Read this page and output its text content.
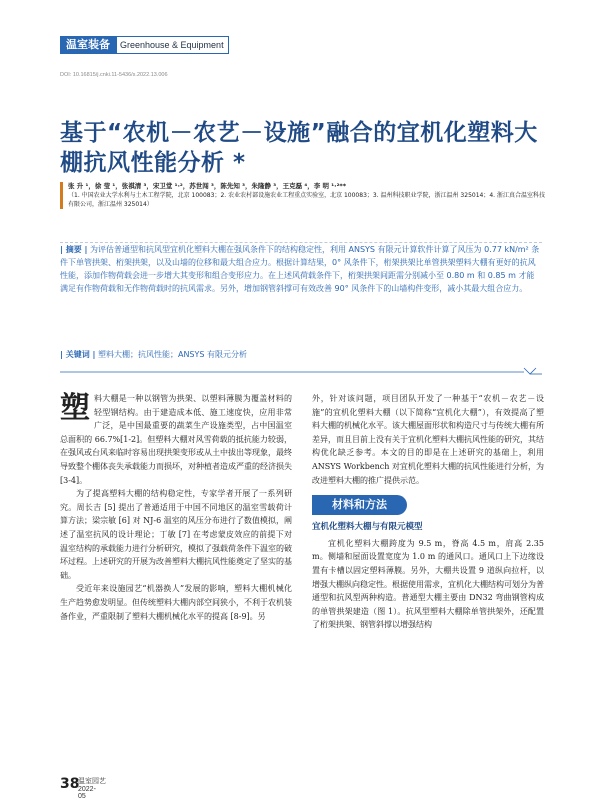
温室装备	Greenhouse & Equipment
DOI: 10.16815/j.cnki.11-5436/s.2022.13.006
基于“农机－农艺－设施”融合的宜机化塑料大棚抗风性能分析 *
张 升 ¹，徐 莹 ¹，张祺清 ³，宋卫堂 ¹·²，苏世闯 ³，陈先知 ³，朱隆静 ³，王克磊 ⁴，李 明 ¹·²**
（1. 中国农业大学水利与土木工程学院，北京 100083；2. 农业农村部设施农业工程重点实验室，北京 100083；3. 温州科技职业学院，浙江温州 325014；4. 浙江真合温室科技有限公司，浙江温州 325014）
| 摘要 | 为评估普通型和抗风型宜机化塑料大棚在强风条件下的结构稳定性，利用 ANSYS 有限元计算软件计算了风压为 0.77 kN/m² 条件下单管拱架、桁架拱架，以及山墙的位移和最大组合应力。根据计算结果，0° 风条件下，桁架拱架比单管拱架塑料大棚有更好的抗风性能，添加作物荷载会进一步增大其变形和组合变形应力。在上述风荷载条件下，桁架拱架间距需分别减小至 0.80 m 和 0.85 m 才能满足有作物荷载和无作物荷载时的抗风需求。另外，增加钢管斜撑可有效改善 90° 风条件下的山墙构件变形，减小其最大组合应力。
| 关键词 | 塑料大棚；抗风性能；ANSYS 有限元分析

塑料大棚是一种以钢管为拱架、以塑料薄膜为覆盖材料的轻型钢结构。由于建造成本低、施工速度快，应用非常广泛，是中国最重要的蔬菜生产设施类型，占中国温室总面积的 66.7%[1-2]。但塑料大棚对风雪荷载的抵抗能力较弱，在强风或台风来临时容易出现拱架变形或从土中拔出等现象，最终导致整个棚体丧失承载能力而损坏，对种植者造成严重的经济损失 [3-4]。

为了提高塑料大棚的结构稳定性，专家学者开展了一系列研究。周长吉 [5] 提出了普通适用于中国不同地区的温室雪载荷计算方法；梁宗敏 [6] 对 NJ-6 温室的风压分布进行了数值模拟，阐述了温室抗风的设计理论；丁敏 [7] 在考虑蒙皮效应的前提下对温室结构的承载能力进行分析研究，模拟了强载荷条件下温室的破坏过程。上述研究的开展为改善塑料大棚抗风性能奠定了坚实的基础。

受近年来设施园艺“机器换人”发展的影响，塑料大棚机械化生产趋势愈发明显。但传统塑料大棚内部空间狭小，不利于农机装备作业，严重限制了塑料大棚机械化水平的提高 [8-9]。另

外，针对该问题，项目团队开发了一种基于“农机－农艺－设施”的宜机化塑料大棚（以下简称“宜机化大棚”），有效提高了塑料大棚的机械化水平。该大棚屋面形状和构造尺寸与传统大棚有所差异，而且目前上没有关于宜机化塑料大棚抗风性能的研究，其结构优化缺乏参考。本文的目的即是在上述研究的基础上，利用 ANSYS Workbench 对宜机化塑料大棚的抗风性能进行分析，为改进塑料大棚的推广提供示范。

材料和方法
宜机化塑料大棚与有限元模型

宜机化塑料大棚跨度为 9.5 m，脊高 4.5 m，肩高 2.35 m。侧墙和屋面设置宽度为 1.0 m 的通风口。通风口上下边缘设置有卡槽以固定塑料薄膜。另外，大棚共设置 9 道纵向拉杆，以增强大棚纵向稳定性。根据使用需求，宜机化大棚结构可划分为普通型和抗风型两种构造。普通型大棚主要由 DN32 弯曲钢管构成的单管拱架建造（图 1）。抗风型塑料大棚除单管拱架外，还配置了桁架拱架、钢管斜撑以增强结构

38
温室园艺
2022-05
